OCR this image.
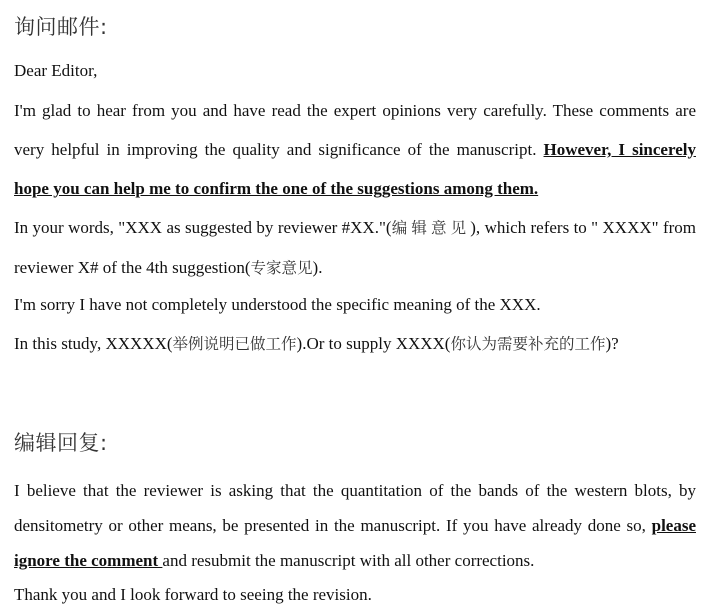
询问邮件:
Dear Editor,
I'm glad to hear from you and have read the expert opinions very carefully. These comments are very helpful in improving the quality and significance of the manuscript. However, I sincerely hope you can help me to confirm the one of the suggestions among them.
In your words, "XXX as suggested by reviewer #XX."(编辑意见), which refers to " XXXX" from reviewer X# of the 4th suggestion(专家意见).
I'm sorry I have not completely understood the specific meaning of the XXX.
In this study, XXXXX(举例说明已做工作).Or to supply XXXX(你认为需要补充的工作)?
编辑回复:
I believe that the reviewer is asking that the quantitation of the bands of the western blots, by densitometry or other means, be presented in the manuscript. If you have already done so, please ignore the comment and resubmit the manuscript with all other corrections.
Thank you and I look forward to seeing the revision.
